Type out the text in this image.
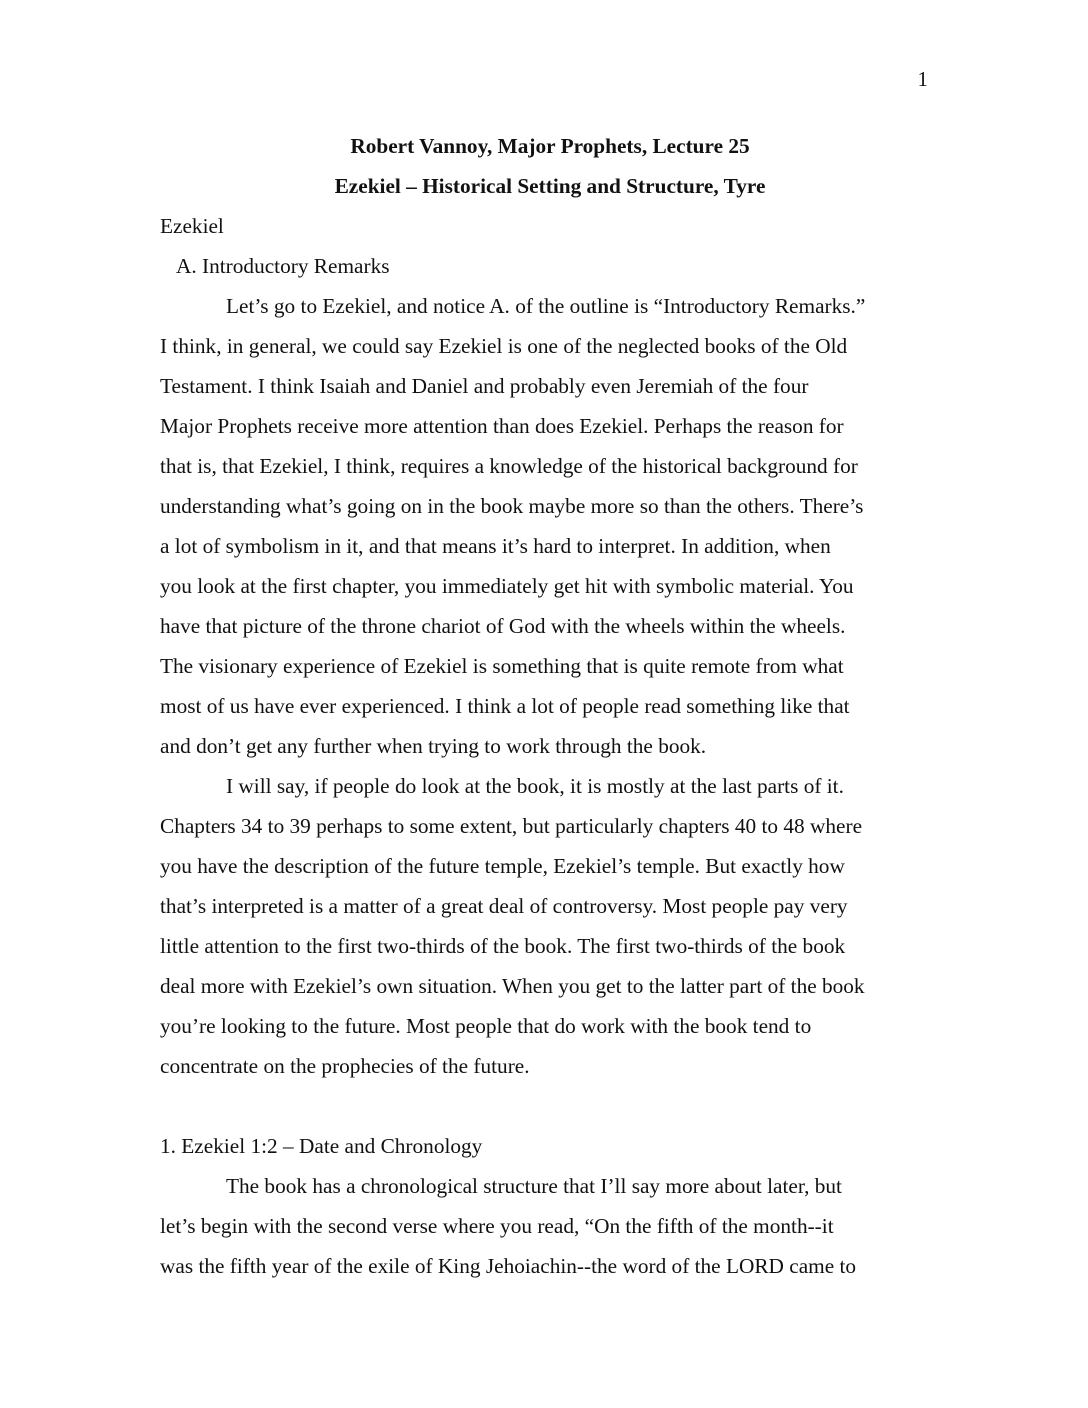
1

Robert Vannoy, Major Prophets, Lecture 25

Ezekiel – Historical Setting and Structure, Tyre

Ezekiel

A. Introductory Remarks

Let’s go to Ezekiel, and notice A. of the outline is “Introductory Remarks.”

I think, in general, we could say Ezekiel is one of the neglected books of the Old

Testament. I think Isaiah and Daniel and probably even Jeremiah of the four

Major Prophets receive more attention than does Ezekiel. Perhaps the reason for

that is, that Ezekiel, I think, requires a knowledge of the historical background for

understanding what’s going on in the book maybe more so than the others. There’s

a lot of symbolism in it, and that means it’s hard to interpret. In addition, when

you look at the first chapter, you immediately get hit with symbolic material. You

have that picture of the throne chariot of God with the wheels within the wheels.

The visionary experience of Ezekiel is something that is quite remote from what

most of us have ever experienced. I think a lot of people read something like that

and don’t get any further when trying to work through the book.

I will say, if people do look at the book, it is mostly at the last parts of it.

Chapters 34 to 39 perhaps to some extent, but particularly chapters 40 to 48 where

you have the description of the future temple, Ezekiel’s temple. But exactly how

that’s interpreted is a matter of a great deal of controversy. Most people pay very

little attention to the first two-thirds of the book. The first two-thirds of the book

deal more with Ezekiel’s own situation. When you get to the latter part of the book

you’re looking to the future. Most people that do work with the book tend to

concentrate on the prophecies of the future.

1. Ezekiel 1:2 – Date and Chronology

The book has a chronological structure that I’ll say more about later, but

let’s begin with the second verse where you read, “On the fifth of the month--it

was the fifth year of the exile of King Jehoiachin--the word of the LORD came to
